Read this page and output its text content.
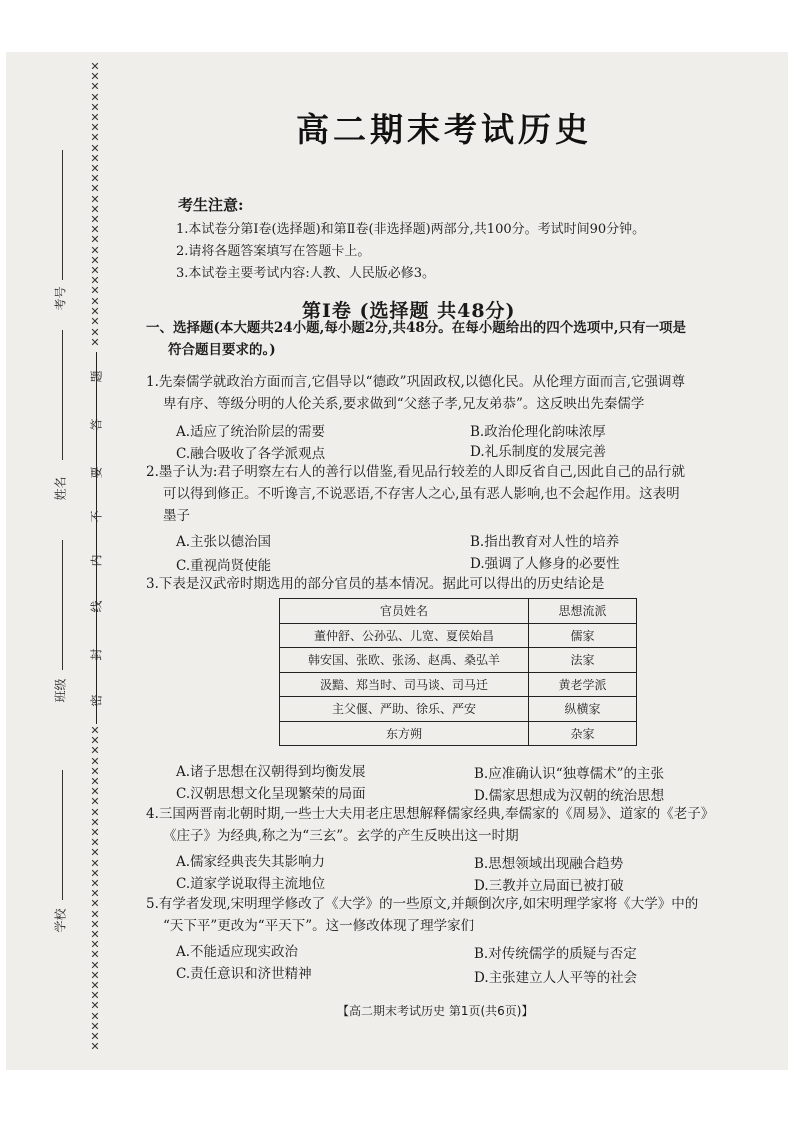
✕
✕
✕
✕
✕
✕
✕
✕
✕
✕
✕
✕
✕
✕
✕
✕
✕
✕
✕
✕
✕
✕
✕
✕
✕
✕
✕
✕
✕
✕
✕
✕
✕
✕
✕
✕
✕
✕
✕
✕
✕
✕
✕
✕
✕
✕
✕
✕
✕
✕
✕
✕
✕
✕
✕
✕
✕
✕
✕
✕
题
答
要
不
内
线
封
密
考号
姓名
班级
学校
高二期末考试历史
考生注意:
1.本试卷分第Ⅰ卷(选择题)和第Ⅱ卷(非选择题)两部分,共100分。考试时间90分钟。
2.请将各题答案填写在答题卡上。
3.本试卷主要考试内容:人教、人民版必修3。
第Ⅰ卷 (选择题 共48分)
一、选择题(本大题共24小题,每小题2分,共48分。在每小题给出的四个选项中,只有一项是
符合题目要求的。)
1.先秦儒学就政治方面而言,它倡导以“德政”巩固政权,以德化民。从伦理方面而言,它强调尊
卑有序、等级分明的人伦关系,要求做到“父慈子孝,兄友弟恭”。这反映出先秦儒学
A.适应了统治阶层的需要	B.政治伦理化韵味浓厚
C.融合吸收了各学派观点	D.礼乐制度的发展完善
2.墨子认为:君子明察左右人的善行以借鉴,看见品行较差的人即反省自己,因此自己的品行就
可以得到修正。不听谗言,不说恶语,不存害人之心,虽有恶人影响,也不会起作用。这表明
墨子
A.主张以德治国	B.指出教育对人性的培养
C.重视尚贤使能	D.强调了人修身的必要性
3.下表是汉武帝时期选用的部分官员的基本情况。据此可以得出的历史结论是
官员姓名	思想流派
董仲舒、公孙弘、儿宽、夏侯始昌	儒家
韩安国、张欧、张汤、赵禹、桑弘羊	法家
汲黯、郑当时、司马谈、司马迁	黄老学派
主父偃、严助、徐乐、严安	纵横家
东方朔	杂家
A.诸子思想在汉朝得到均衡发展	B.应准确认识“独尊儒术”的主张
C.汉朝思想文化呈现繁荣的局面	D.儒家思想成为汉朝的统治思想
4.三国两晋南北朝时期,一些士大夫用老庄思想解释儒家经典,奉儒家的《周易》、道家的《老子》
《庄子》为经典,称之为“三玄”。玄学的产生反映出这一时期
A.儒家经典丧失其影响力	B.思想领域出现融合趋势
C.道家学说取得主流地位	D.三教并立局面已被打破
5.有学者发现,宋明理学修改了《大学》的一些原文,并颠倒次序,如宋明理学家将《大学》中的
“天下平”更改为“平天下”。这一修改体现了理学家们
A.不能适应现实政治	B.对传统儒学的质疑与否定
C.责任意识和济世精神	D.主张建立人人平等的社会
【高二期末考试历史 第1页(共6页)】
